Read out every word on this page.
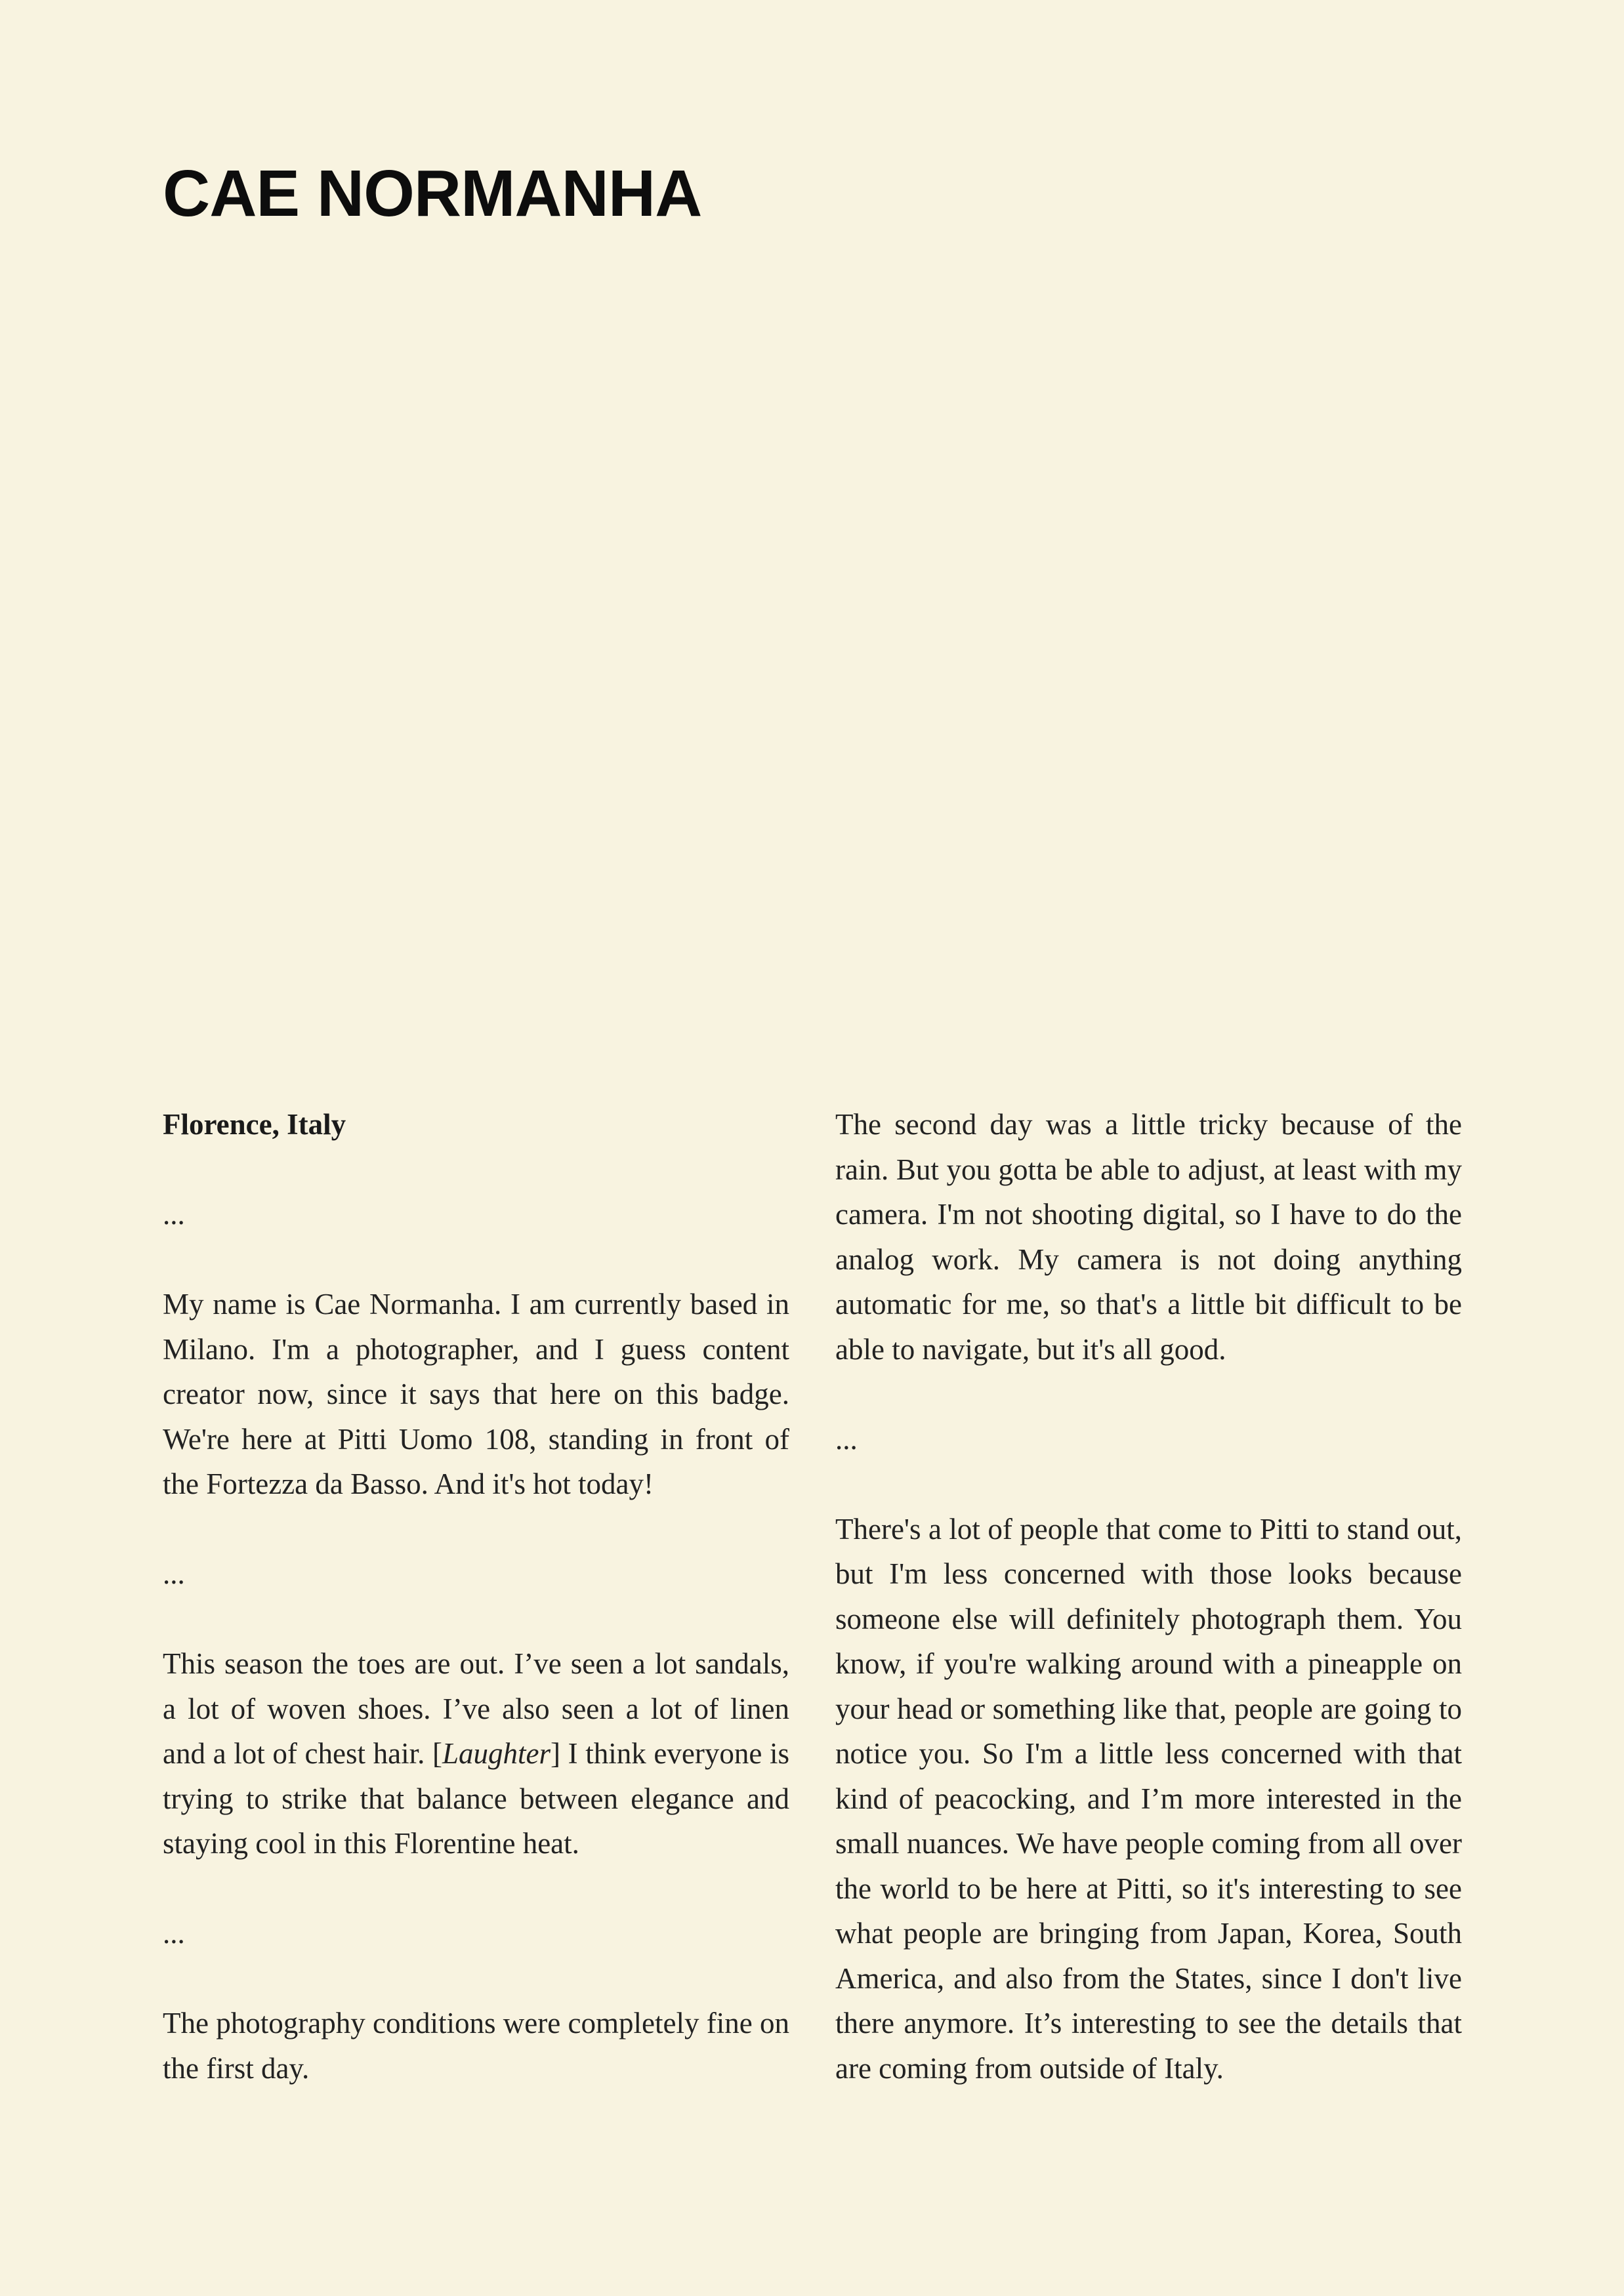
CAE NORMANHA

Florence, Italy

...

My name is Cae Normanha. I am currently based in Milano. I'm a photographer, and I guess content creator now, since it says that here on this badge. We're here at Pitti Uomo 108, standing in front of the Fortezza da Basso. And it's hot today!

...

This season the toes are out. I’ve seen a lot sandals, a lot of woven shoes. I’ve also seen a lot of linen and a lot of chest hair. [Laughter] I think everyone is trying to strike that balance between elegance and staying cool in this Florentine heat.

...

The photography conditions were completely fine on the first day.

The second day was a little tricky because of the rain. But you gotta be able to adjust, at least with my camera. I'm not shooting digital, so I have to do the analog work. My camera is not doing anything automatic for me, so that's a little bit difficult to be able to navigate, but it's all good.

...

There's a lot of people that come to Pitti to stand out, but I'm less concerned with those looks because someone else will definitely photograph them. You know, if you're walking around with a pineapple on your head or something like that, people are going to notice you. So I'm a little less concerned with that kind of peacocking, and I’m more interested in the small nuances. We have people coming from all over the world to be here at Pitti, so it's interesting to see what people are bringing from Japan, Korea, South America, and also from the States, since I don't live there anymore. It’s interesting to see the details that are coming from outside of Italy.
